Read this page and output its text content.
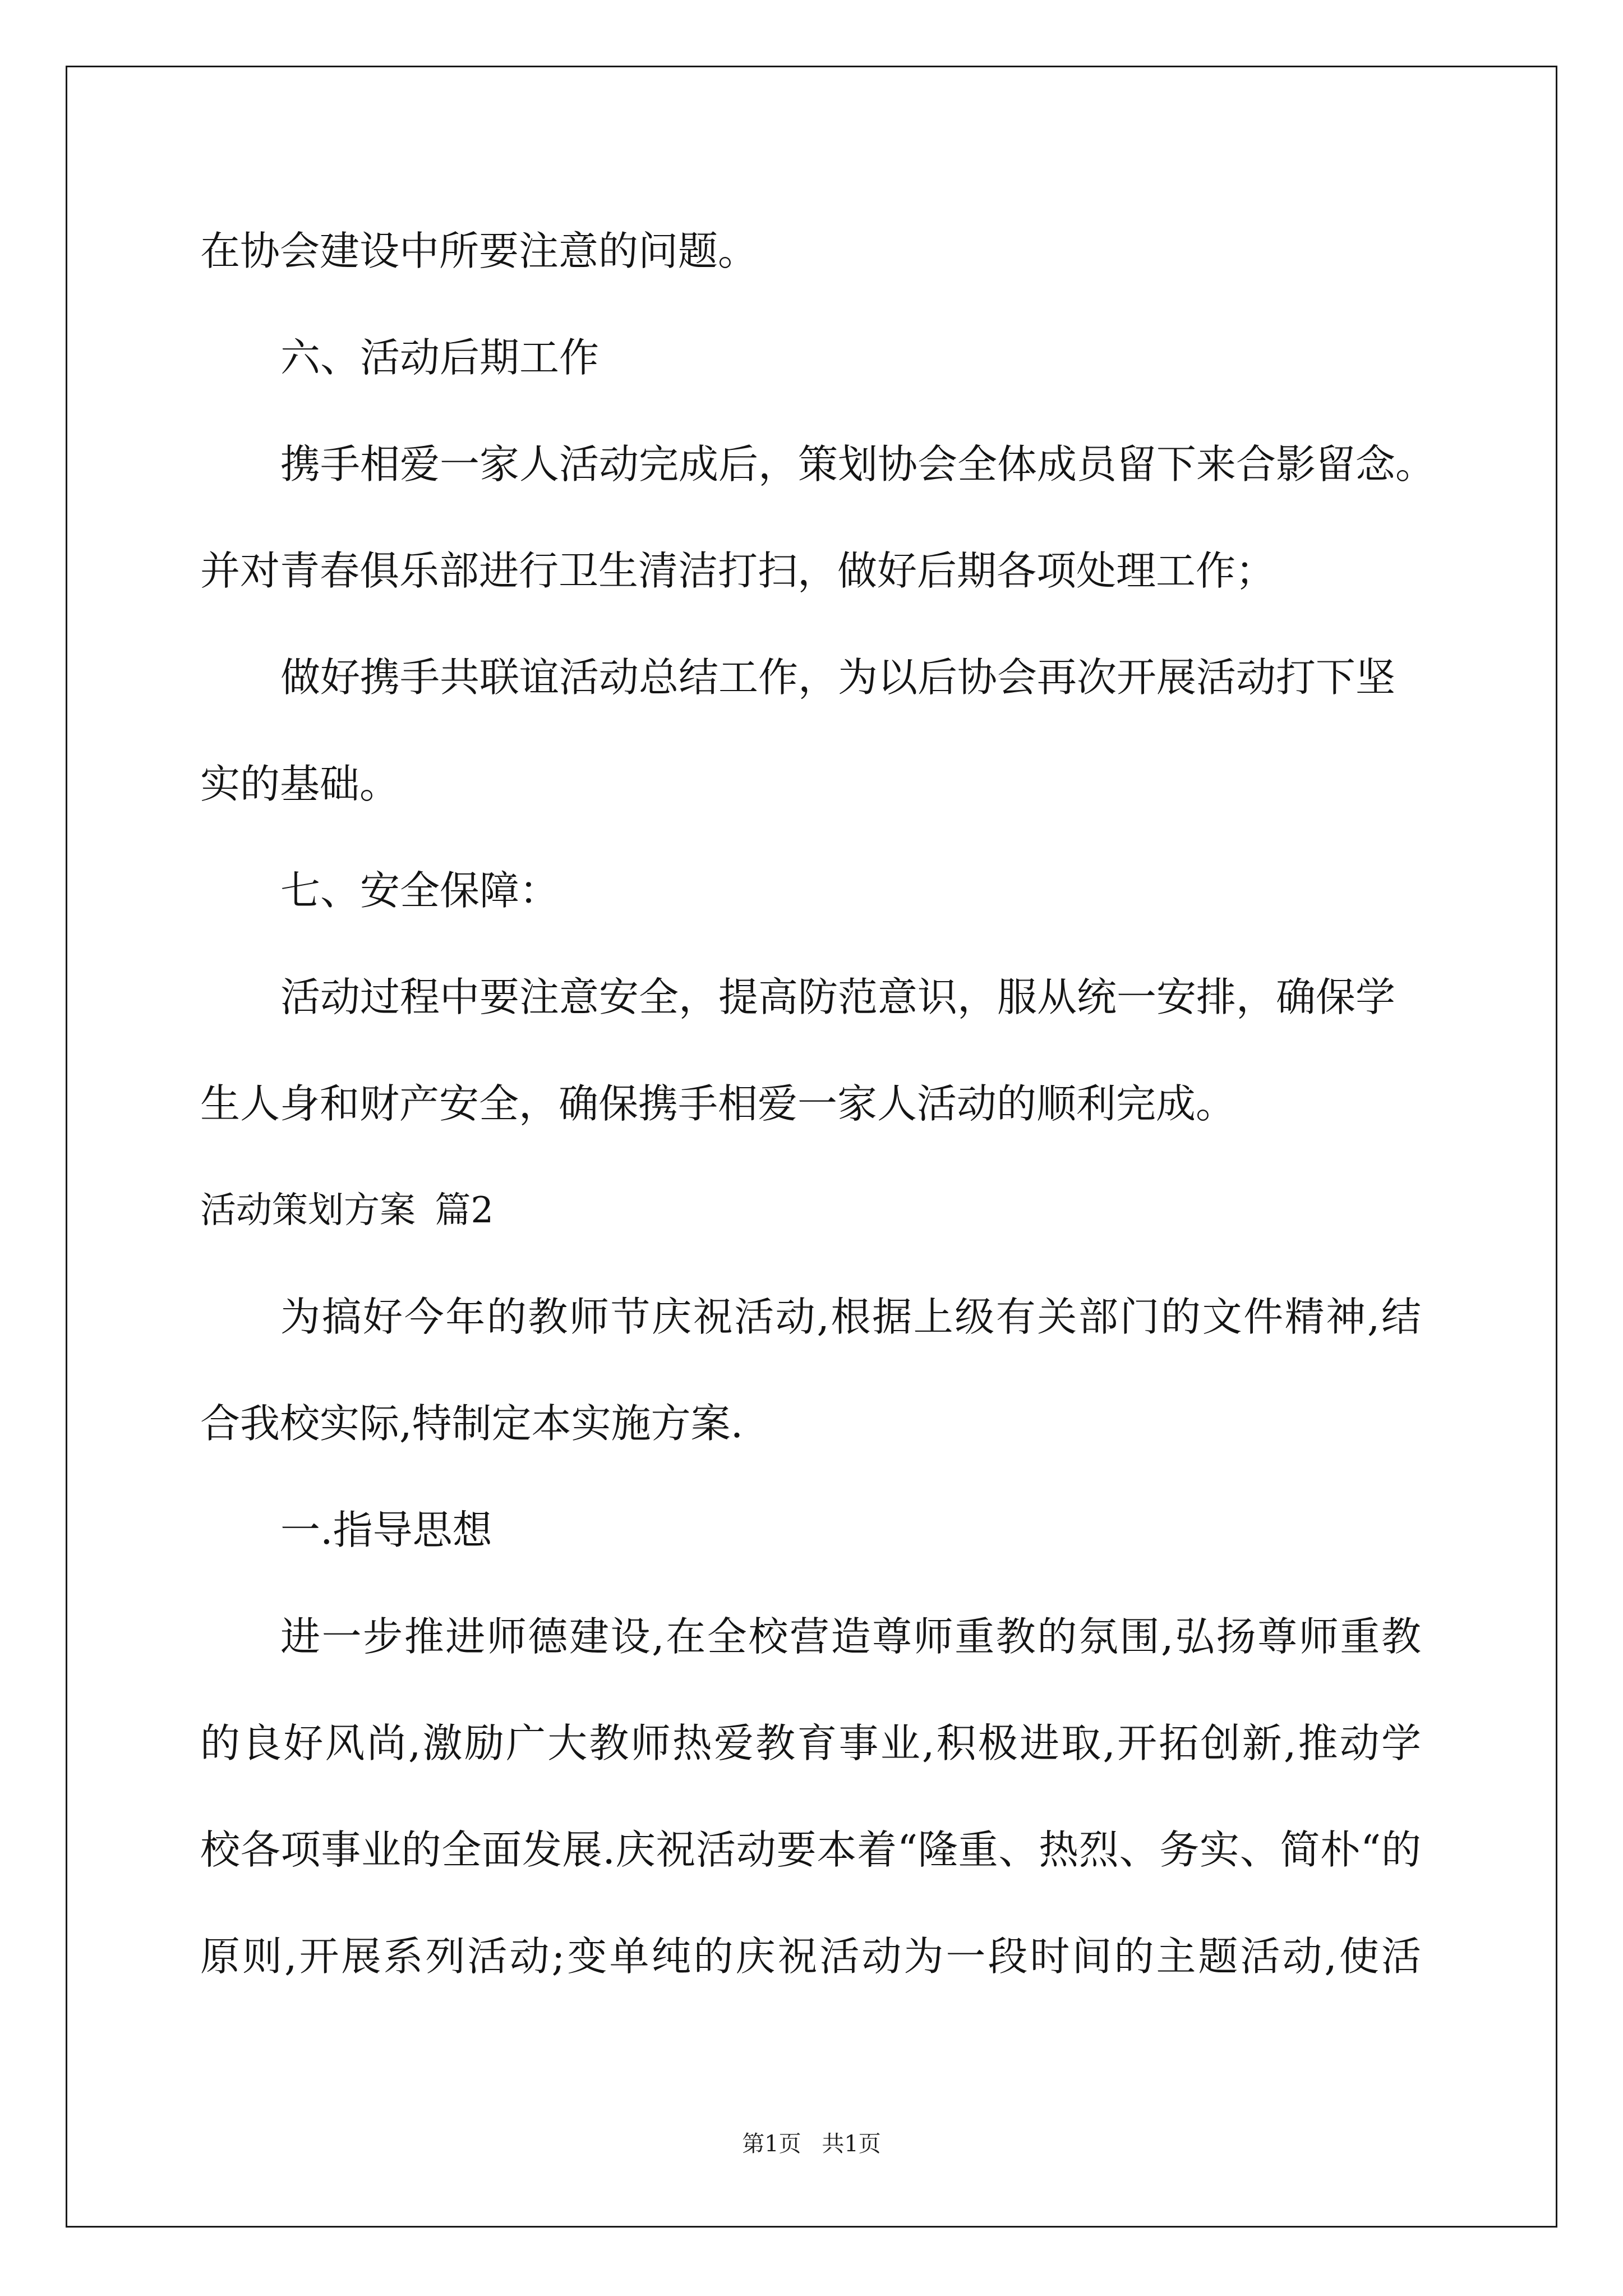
在协会建设中所要注意的问题。
六、活动后期工作
携手相爱一家人活动完成后，策划协会全体成员留下来合影留念。
并对青春俱乐部进行卫生清洁打扫，做好后期各项处理工作；
做好携手共联谊活动总结工作，为以后协会再次开展活动打下坚
实的基础。
七、安全保障：
活动过程中要注意安全，提高防范意识，服从统一安排，确保学
生人身和财产安全，确保携手相爱一家人活动的顺利完成。
活动策划方案 篇2
为搞好今年的教师节庆祝活动,根据上级有关部门的文件精神,结
合我校实际,特制定本实施方案.
一.指导思想
进一步推进师德建设,在全校营造尊师重教的氛围,弘扬尊师重教
的良好风尚,激励广大教师热爱教育事业,积极进取,开拓创新,推动学
校各项事业的全面发展.庆祝活动要本着“隆重、热烈、务实、简朴“的
原则,开展系列活动;变单纯的庆祝活动为一段时间的主题活动,使活
第1页 共1页
